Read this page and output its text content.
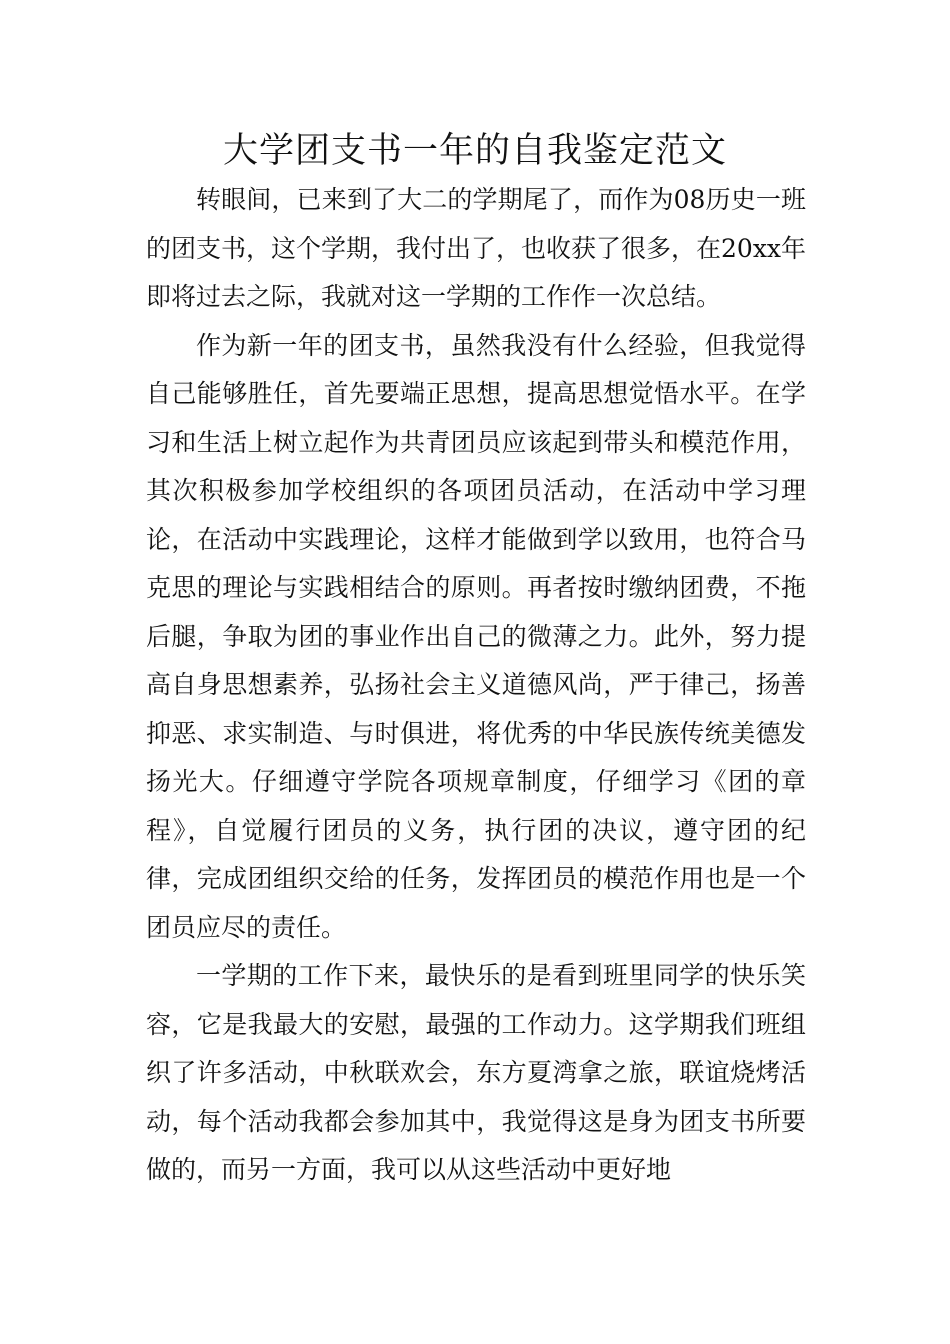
大学团支书一年的自我鉴定范文

转眼间，已来到了大二的学期尾了，而作为08历史一班的团支书，这个学期，我付出了，也收获了很多，在20xx年即将过去之际，我就对这一学期的工作作一次总结。

作为新一年的团支书，虽然我没有什么经验，但我觉得自己能够胜任，首先要端正思想，提高思想觉悟水平。在学习和生活上树立起作为共青团员应该起到带头和模范作用，其次积极参加学校组织的各项团员活动，在活动中学习理论，在活动中实践理论，这样才能做到学以致用，也符合马克思的理论与实践相结合的原则。再者按时缴纳团费，不拖后腿，争取为团的事业作出自己的微薄之力。此外，努力提高自身思想素养，弘扬社会主义道德风尚，严于律己，扬善抑恶、求实制造、与时俱进，将优秀的中华民族传统美德发扬光大。仔细遵守学院各项规章制度，仔细学习《团的章程》，自觉履行团员的义务，执行团的决议，遵守团的纪律，完成团组织交给的任务，发挥团员的模范作用也是一个团员应尽的责任。

一学期的工作下来，最快乐的是看到班里同学的快乐笑容，它是我最大的安慰，最强的工作动力。这学期我们班组织了许多活动，中秋联欢会，东方夏湾拿之旅，联谊烧烤活动，每个活动我都会参加其中，我觉得这是身为团支书所要做的，而另一方面，我可以从这些活动中更好地
